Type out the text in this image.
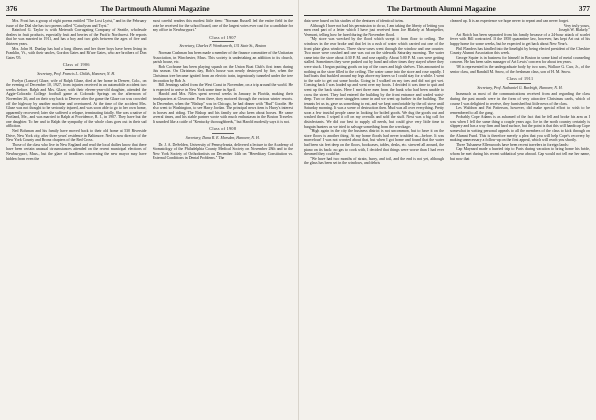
376	The Dartmouth Alumni Magazine

Mrs. Frost has a group of eight poems entitled "The Lost Lyrist," and in the February issue of the Dial she has two poems called "Cataclysm and Tryst."

Rainford G. Taylor is with Meierath Corrugating Company of Seattle, wholesale dealers in fruit products, especially fruit and berries of the Pacific Northwest. He reports that he was married in 1911, and has a boy and two girls between the ages of five and thirteen years.

Mrs. John H. Dunlap has had a long illness and her three boys have been living in Franklin, Vt., with their uncles, Gordon Gates and Ri'are Gates, who are brothers of Don Gates '05.

Class of 1906
Secretary, Prof. Francis L. Childs, Hanover, N. H.

Evelyn (Lasusv) Glaze, wife of Ralph Glaze, died at her home in Denver, Colo., on the evening of December 10, 1927, from injuries received in an automobile accident two weeks before. Ralph and Mrs. Glaze, with their eleven-year-old daughter, attended the Aggie-Colorado College football game at Colorado Springs on the afternoon of November 26, and on their way back to Denver after the game the Glaze car was crowded off the highway by another machine and overturned. At the time of the accident Mrs. Glaze was not thought to be seriously injured, and was soon able to go to her own home, apparently recovered; later she suffered a relapse, terminating fatally. She was a native of Portland, Me., and was married to Ralph at Providence, R. I., in 1907. They have but the one daughter. To her and to Ralph the sympathy of the whole class goes out in their sad affliction.

Ned Bolsman and his family have moved back to their old home at 530 Riverside Drive, New York city, after three years' residence in Baltimore. Ned is now director of the New York County and Bronx chapters of the Red Cross.

Those of the class who live in New England and read the local dailies know that there have been certain unusual circumstances attended on the recent municipal elections of Newburyport, Mass., but the glare of headlines concerning the new mayor may have hidden from even the

most careful readers this modest little item: "Norman Russell led the entire field in the vote he received for the school board, one of the largest votes ever cast for a candidate for any office in Newburyport."

Class of 1907
Secretary, Charles F. Wordsworth, 131 State St., Boston

Norman Cushman has been made a member of the finance committee of the Unitarian Association, in Winchester, Mass. This society is undertaking an addition to its church, parish house, etc.

Bob Cochrane has been playing squash on the Union Boat Club's first team during this season. On Christmas day, Bob's house was nearly destroyed by fire, when the Christmas tree became ignited from an electric train, ingeniously tunneled under the tree decoration by Bob Jr.

Bill Jennings sailed from the West Coast in November, on a trip around the world. He is expected to arrive in New York some time in April.

Harold and Mrs. Niles spent several weeks in January in Florida, making their headquarters at Clearwater. From there, they motored through the various winter resorts. In December, when the "Bishop" was in Chicago, he had dinner with "Bud" Goodie. He also went to Washington, to see Harry Jordan. The principal news item is Harry's interest in horses and riding. The Bishop and his family are also keen about horses. He came several times, and his stable partner wrote with much enthusiasm in the Boston Traveler. It sounded like a cattle of "Kentucky thoroughbreds," but Harold modestly says it is not.

Class of 1908
Secretary, Dana R. E. Marsden, Hanover, N. H.

Dr. J. A. DeSelden, University of Pennsylvania, delivered a lecture to the Academy of Stomatology of the Philadelphia County Medical Society on November 28th and to the New York Society of Orthodontists on December 14th on "Hereditary Constitution vs. External Conditions in Dental Problems." The

The Dartmouth Alumni Magazine	377

data were based on his studies of the dentures of identical twins.

Although I have not had his permission to do so, I am taking the liberty of letting you men read part of a letter which I have just received from Joe Blakely at Montpelier, Vermont, telling how he fared during the November flood.

"My store was wrecked by the flood which swept it from floor to ceiling. The windows in the rear broke and that let in a rush of water which carried out one of the front plate glass windows. Three show-cases went through the window and one counter. Two more were crushed and one was out on the sidewalk Saturday morning. The water came into the store about 4:30 P. M. and rose rapidly. About 5:00 P. M. cars were getting stalled. Sometimes they were pushed out by hand and other times they stayed where they were stuck. I began putting goods on top of the cases and high shelves. This amounted to nothing as the store filled to the ceiling. The water came into the store and rose rapidly. I had boats that buckled around my legs above my knees so I could stay for a while. I went to the safe to get out some books. Going in I walked on my toes and did not get wet. Coming back I was loaded up and went over my boots. I decided it was time to quit and went up the back stairs. Here I met three men from the bank who had been unable to cross the street. They had entered the building by the front entrance and waded waist-deep. Two or three more stragglers came in and we went up further in the building. The tenants let us in, gave us something to eat, and we kept comfortable by the oil stove until Saturday morning. It was a scene of destruction then. Mud was all over everything. Pretty soon a few trustful people came in looking for boiled goods. We dug the goods out and washed them. I wiped it off on my overalls and sold the stuff. Next was a big call for disinfectants. We did our best to supply all needs, but could give very little time to bargain hunters as we tried to salvage something from the wreckage.

"High again in the city the business district is not uncommon, but to have it on the store floors is another thing. At my home floods had never troubled us—before. It was marvelous! I was not worried about that, but when I got home and found that the water had been six feet deep on the floors, bookcases, tables, desks, etc. strewed all around, the piano on its back: no gas to cook with, I decided that things were worse than I had ever dreamed they could be.

"We have had two months of strain, hurry, and toil, and the end is not yet, although the glass has been set in the windows, and debris

cleaned up. It is an experience we hope never to repeat and can never forget.

Very truly yours,
Joseph W. Blakely."

Art Rotch has been separated from his family because of a 24-hour attack of scarlet fever with Bill contracted. If the 1850 quarantine law, however, has kept Art out of his happy home for some weeks, but he expected to get back about New Year's.

Phil Flanders has kindled into the limelight by being elected president of the Cheshire County Alumni Association this week.

George Squier is in business for himself in Boston in some kind of metal counseling concern. He has been sales manager of Art Lewis' concern for about ten years.

'08 is represented in the undergraduate body by two sons, Wallace G. Carr, Jr., of the senior class, and Randall M. Snow, of the freshman class, son of H. M. Snow.

Class of 1911
Secretary, Prof. Nathaniel G. Burleigh, Hanover, N. H.

Inasmuch as most of the communications received from and regarding the class during the past month were in the form of very attractive Christmas cards, which of course I was delighted to receive, they furnished but little news of the class.

Les Waldron and Pat Patterson, however, did make special effort to wish to be remembered to all the gang.

Probably Cope Adams is as ashamed of the fact that he fell and broke his arm as I was when I fell the same thing a couple years ago. Ice in the north country certainly is slippery and has a way firm and hard surface, but the point is that this will handicap Cope somewhat in writing personal appeals to all the members of the class to kick through on the Alumni Fund. This is therefore merely a plea that you will help Cope's recovery by making unnecessary a follow-up on the first appeal, which will reach you shortly.

Three Tulsanese Ellenwoods have been recent travelers in foreign lands:

Cap Maynard made a hurried trip to Paris during vacation to bring home his bride, whom he met during his recent sabbatical year abroad. Cap would not tell me her name, but now that
